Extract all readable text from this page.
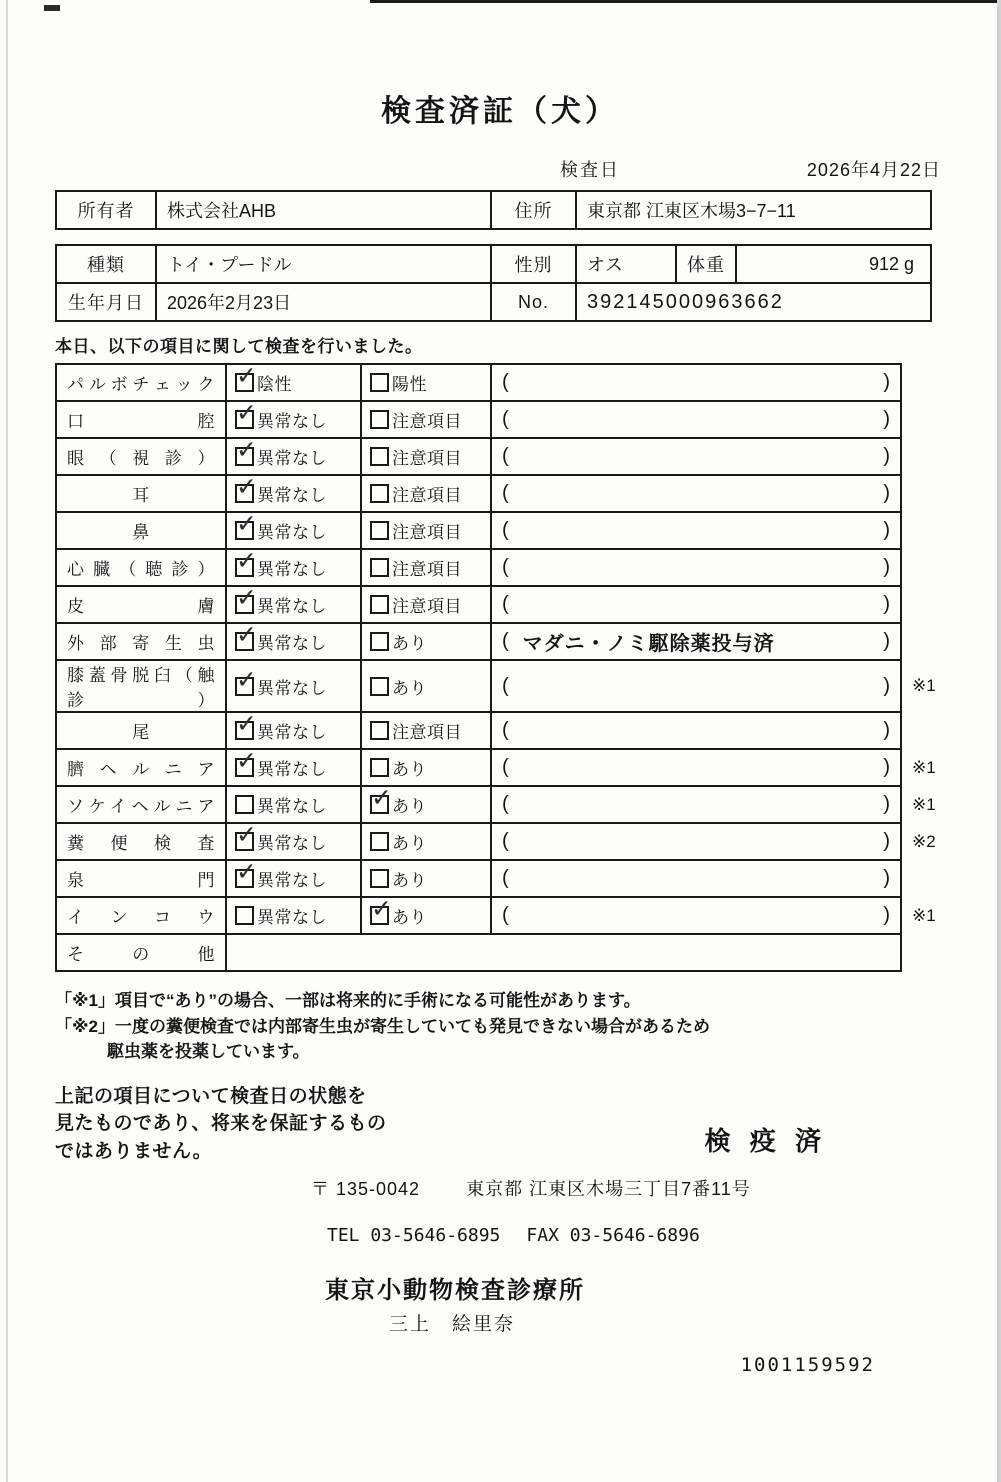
検査済証（犬）
検査日	2026年4月22日
所有者	株式会社AHB	住所	東京都 江東区木場3−7−11
種類	トイ・プードル	性別	オス	体重	912 g
生年月日	2026年2月23日	No.	392145000963662		
本日、以下の項目に関して検査を行いました。
パルボチェック	✓陰性	陽性	( )	

口腔	✓異常なし	注意項目	( )	

眼（視診）	✓異常なし	注意項目	( )	

耳	✓異常なし	注意項目	( )	

鼻	✓異常なし	注意項目	( )	

心臓（聴診）	✓異常なし	注意項目	( )	

皮膚	✓異常なし	注意項目	( )	

外部寄生虫	✓異常なし	あり	( マダニ・ノミ駆除薬投与済 )	

膝蓋骨脱臼（触診）	✓異常なし	あり	( )	※1
尾	✓異常なし	注意項目	( )	

臍ヘルニア	✓異常なし	あり	( )	※1
ソケイヘルニア	異常なし	✓あり	( )	※1
糞便検査	✓異常なし	あり	( )	※2
泉門	✓異常なし	あり	( )	

インコウ	異常なし	✓あり	( )	※1
その他				
「※1」項目で“あり”の場合、一部は将来的に手術になる可能性があります。
「※2」一度の糞便検査では内部寄生虫が寄生していても発見できない場合があるため
駆虫薬を投薬しています。
上記の項目について検査日の状態を
見たものであり、将来を保証するもの
ではありません。	検 疫 済
〒 135-0042	東京都 江東区木場三丁目7番11号
TEL 03-5646-6895 FAX 03-5646-6896
東京小動物検査診療所
三上　絵里奈
1001159592
